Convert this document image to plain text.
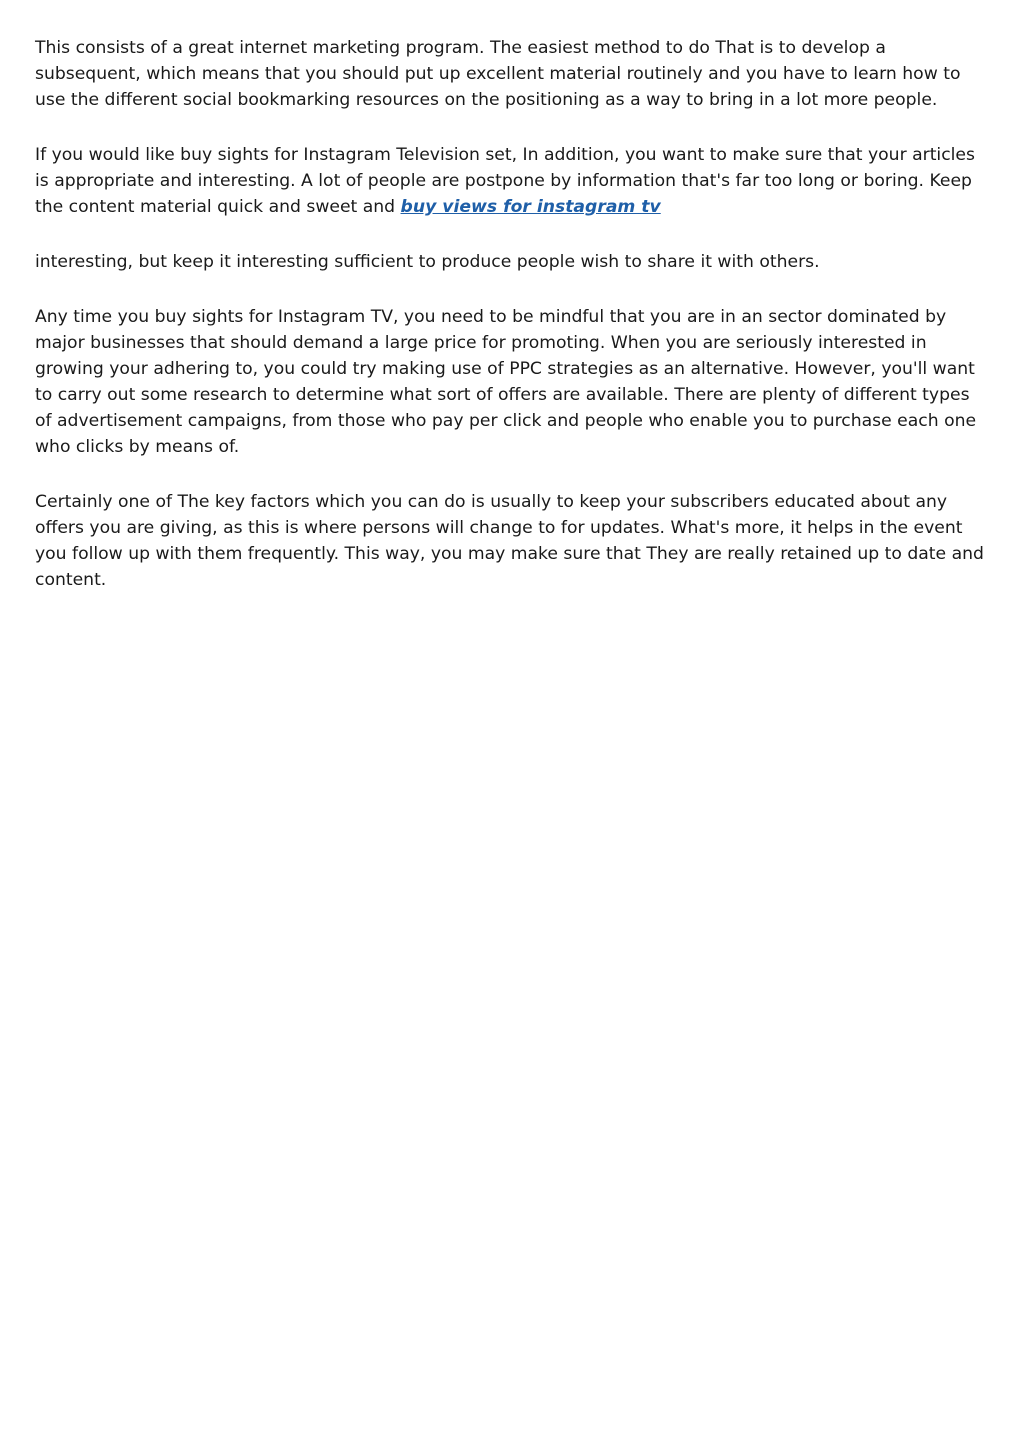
This consists of a great internet marketing program. The easiest method to do That is to develop a subsequent, which means that you should put up excellent material routinely and you have to learn how to use the different social bookmarking resources on the positioning as a way to bring in a lot more people.

If you would like buy sights for Instagram Television set, In addition, you want to make sure that your articles is appropriate and interesting. A lot of people are postpone by information that's far too long or boring. Keep the content material quick and sweet and buy views for instagram tv

interesting, but keep it interesting sufficient to produce people wish to share it with others.

Any time you buy sights for Instagram TV, you need to be mindful that you are in an sector dominated by major businesses that should demand a large price for promoting. When you are seriously interested in growing your adhering to, you could try making use of PPC strategies as an alternative. However, you'll want to carry out some research to determine what sort of offers are available. There are plenty of different types of advertisement campaigns, from those who pay per click and people who enable you to purchase each one who clicks by means of.

Certainly one of The key factors which you can do is usually to keep your subscribers educated about any offers you are giving, as this is where persons will change to for updates. What's more, it helps in the event you follow up with them frequently. This way, you may make sure that They are really retained up to date and content.
